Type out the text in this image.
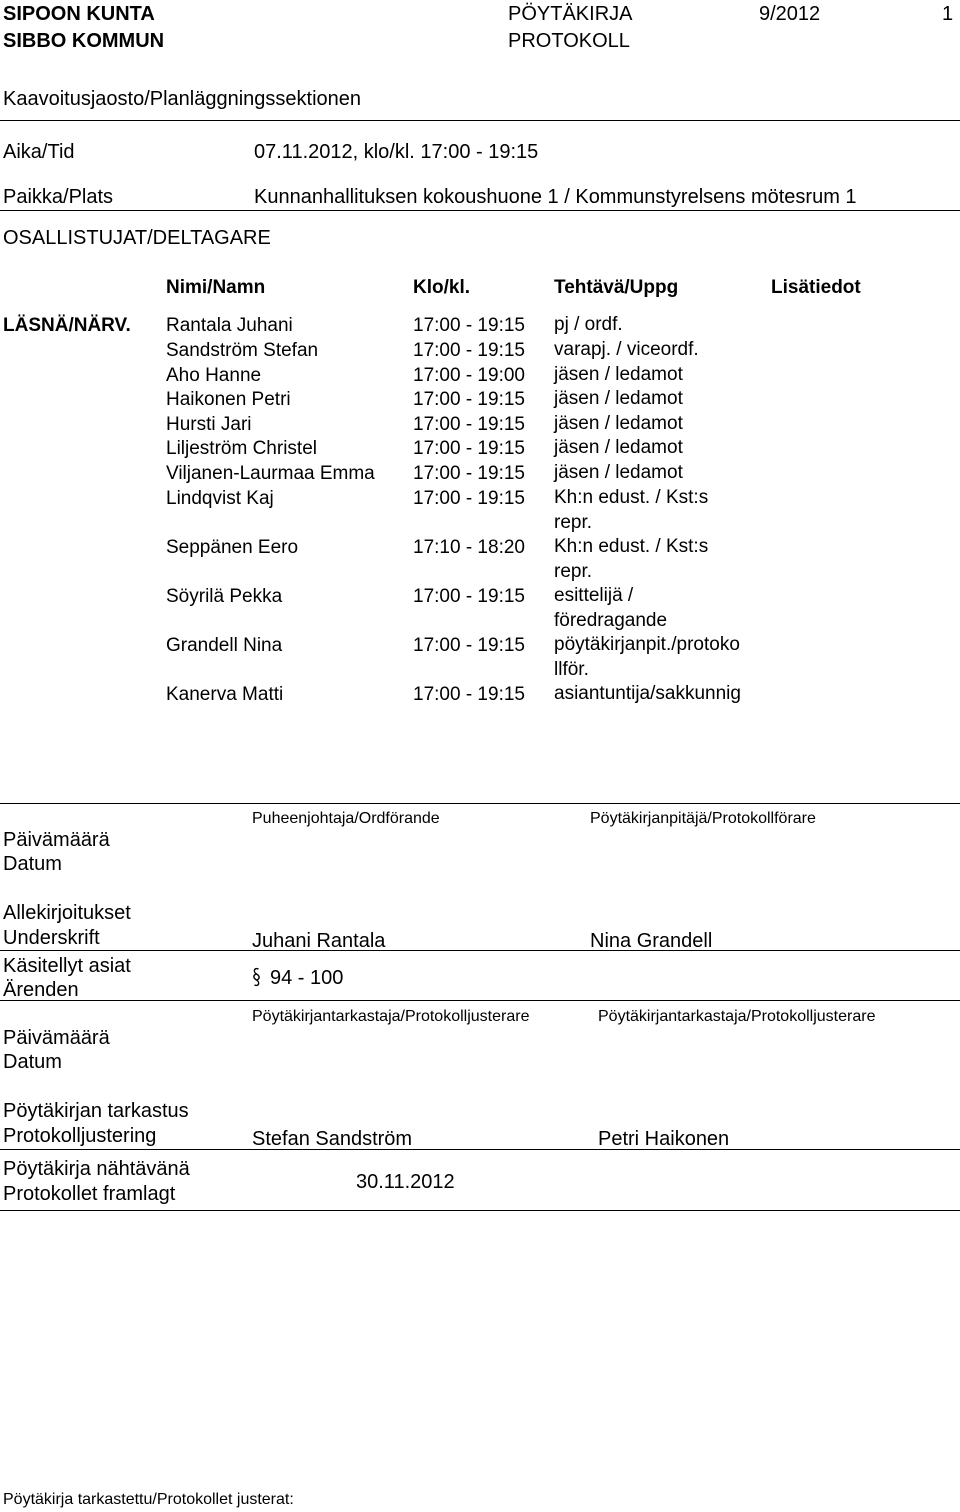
SIPOON KUNTA
SIBBO KOMMUN
PÖYTÄKIRJA
PROTOKOLL
9/2012	1
Kaavoitusjaosto/Planläggningssektionen
Aika/Tid	07.11.2012, klo/kl. 17:00 - 19:15
Paikka/Plats	Kunnanhallituksen kokoushuone 1 / Kommunstyrelsens mötesrum 1
OSALLISTUJAT/DELTAGARE
Nimi/Namn	Klo/kl.	Tehtävä/Uppg	Lisätiedot
LÄSNÄ/NÄRV. Rantala Juhani	17:00 - 19:15 pj / ordf.
Sandström Stefan	17:00 - 19:15 varapj. / viceordf.
Aho Hanne	17:00 - 19:00 jäsen / ledamot
Haikonen Petri	17:00 - 19:15 jäsen / ledamot
Hursti Jari	17:00 - 19:15 jäsen / ledamot
Liljeström Christel	17:00 - 19:15 jäsen / ledamot
Viljanen-Laurmaa Emma 17:00 - 19:15 jäsen / ledamot
Lindqvist Kaj	17:00 - 19:15 Kh:n edust. / Kst:s repr.
Seppänen Eero	17:10 - 18:20 Kh:n edust. / Kst:s repr.
Söyrilä Pekka	17:00 - 19:15 esittelijä / föredragande
Grandell Nina	17:00 - 19:15 pöytäkirjanpit./protoko llför.
Kanerva Matti	17:00 - 19:15 asiantuntija/sakkunnig
Puheenjohtaja/Ordförande	Pöytäkirjanpitäjä/Protokollförare
Päivämäärä
Datum
Allekirjoitukset
Underskrift	Juhani Rantala	Nina Grandell
Käsitellyt asiat
Ärenden
94 - 100
Pöytäkirjantarkastaja/Protokolljusterare	Pöytäkirjantarkastaja/Protokolljusterare
Päivämäärä
Datum
Pöytäkirjan tarkastus
Protokolljustering	Stefan Sandström	Petri Haikonen
Pöytäkirja nähtävänä
Protokollet framlagt
30.11.2012
Pöytäkirja tarkastettu/Protokollet justerat:
